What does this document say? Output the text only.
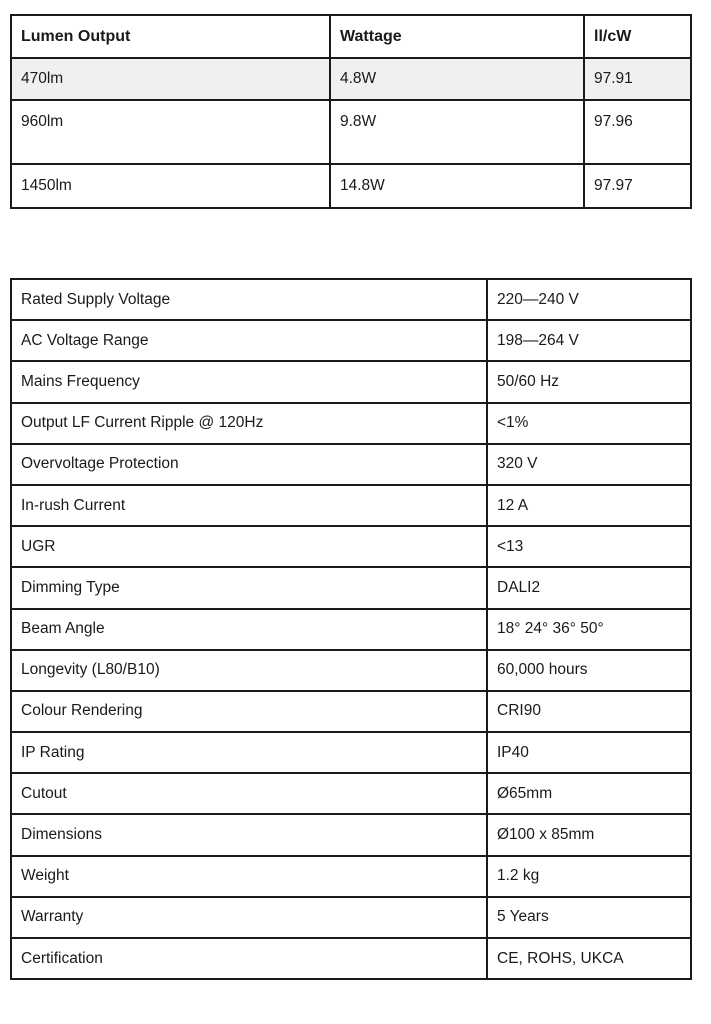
Lumen Output	Wattage	ll/cW
470lm	4.8W	97.91
960lm	9.8W	97.96
1450lm	14.8W	97.97
Rated Supply Voltage	220—240 V
AC Voltage Range	198—264 V
Mains Frequency	50/60 Hz
Output LF Current Ripple @ 120Hz	<1%
Overvoltage Protection	320 V
In-rush Current	12 A
UGR	<13
Dimming Type	DALI2
Beam Angle	18° 24° 36° 50°
Longevity (L80/B10)	60,000 hours
Colour Rendering	CRI90
IP Rating	IP40
Cutout	Ø65mm
Dimensions	Ø100 x 85mm
Weight	1.2 kg
Warranty	5 Years
Certification	CE, ROHS, UKCA
